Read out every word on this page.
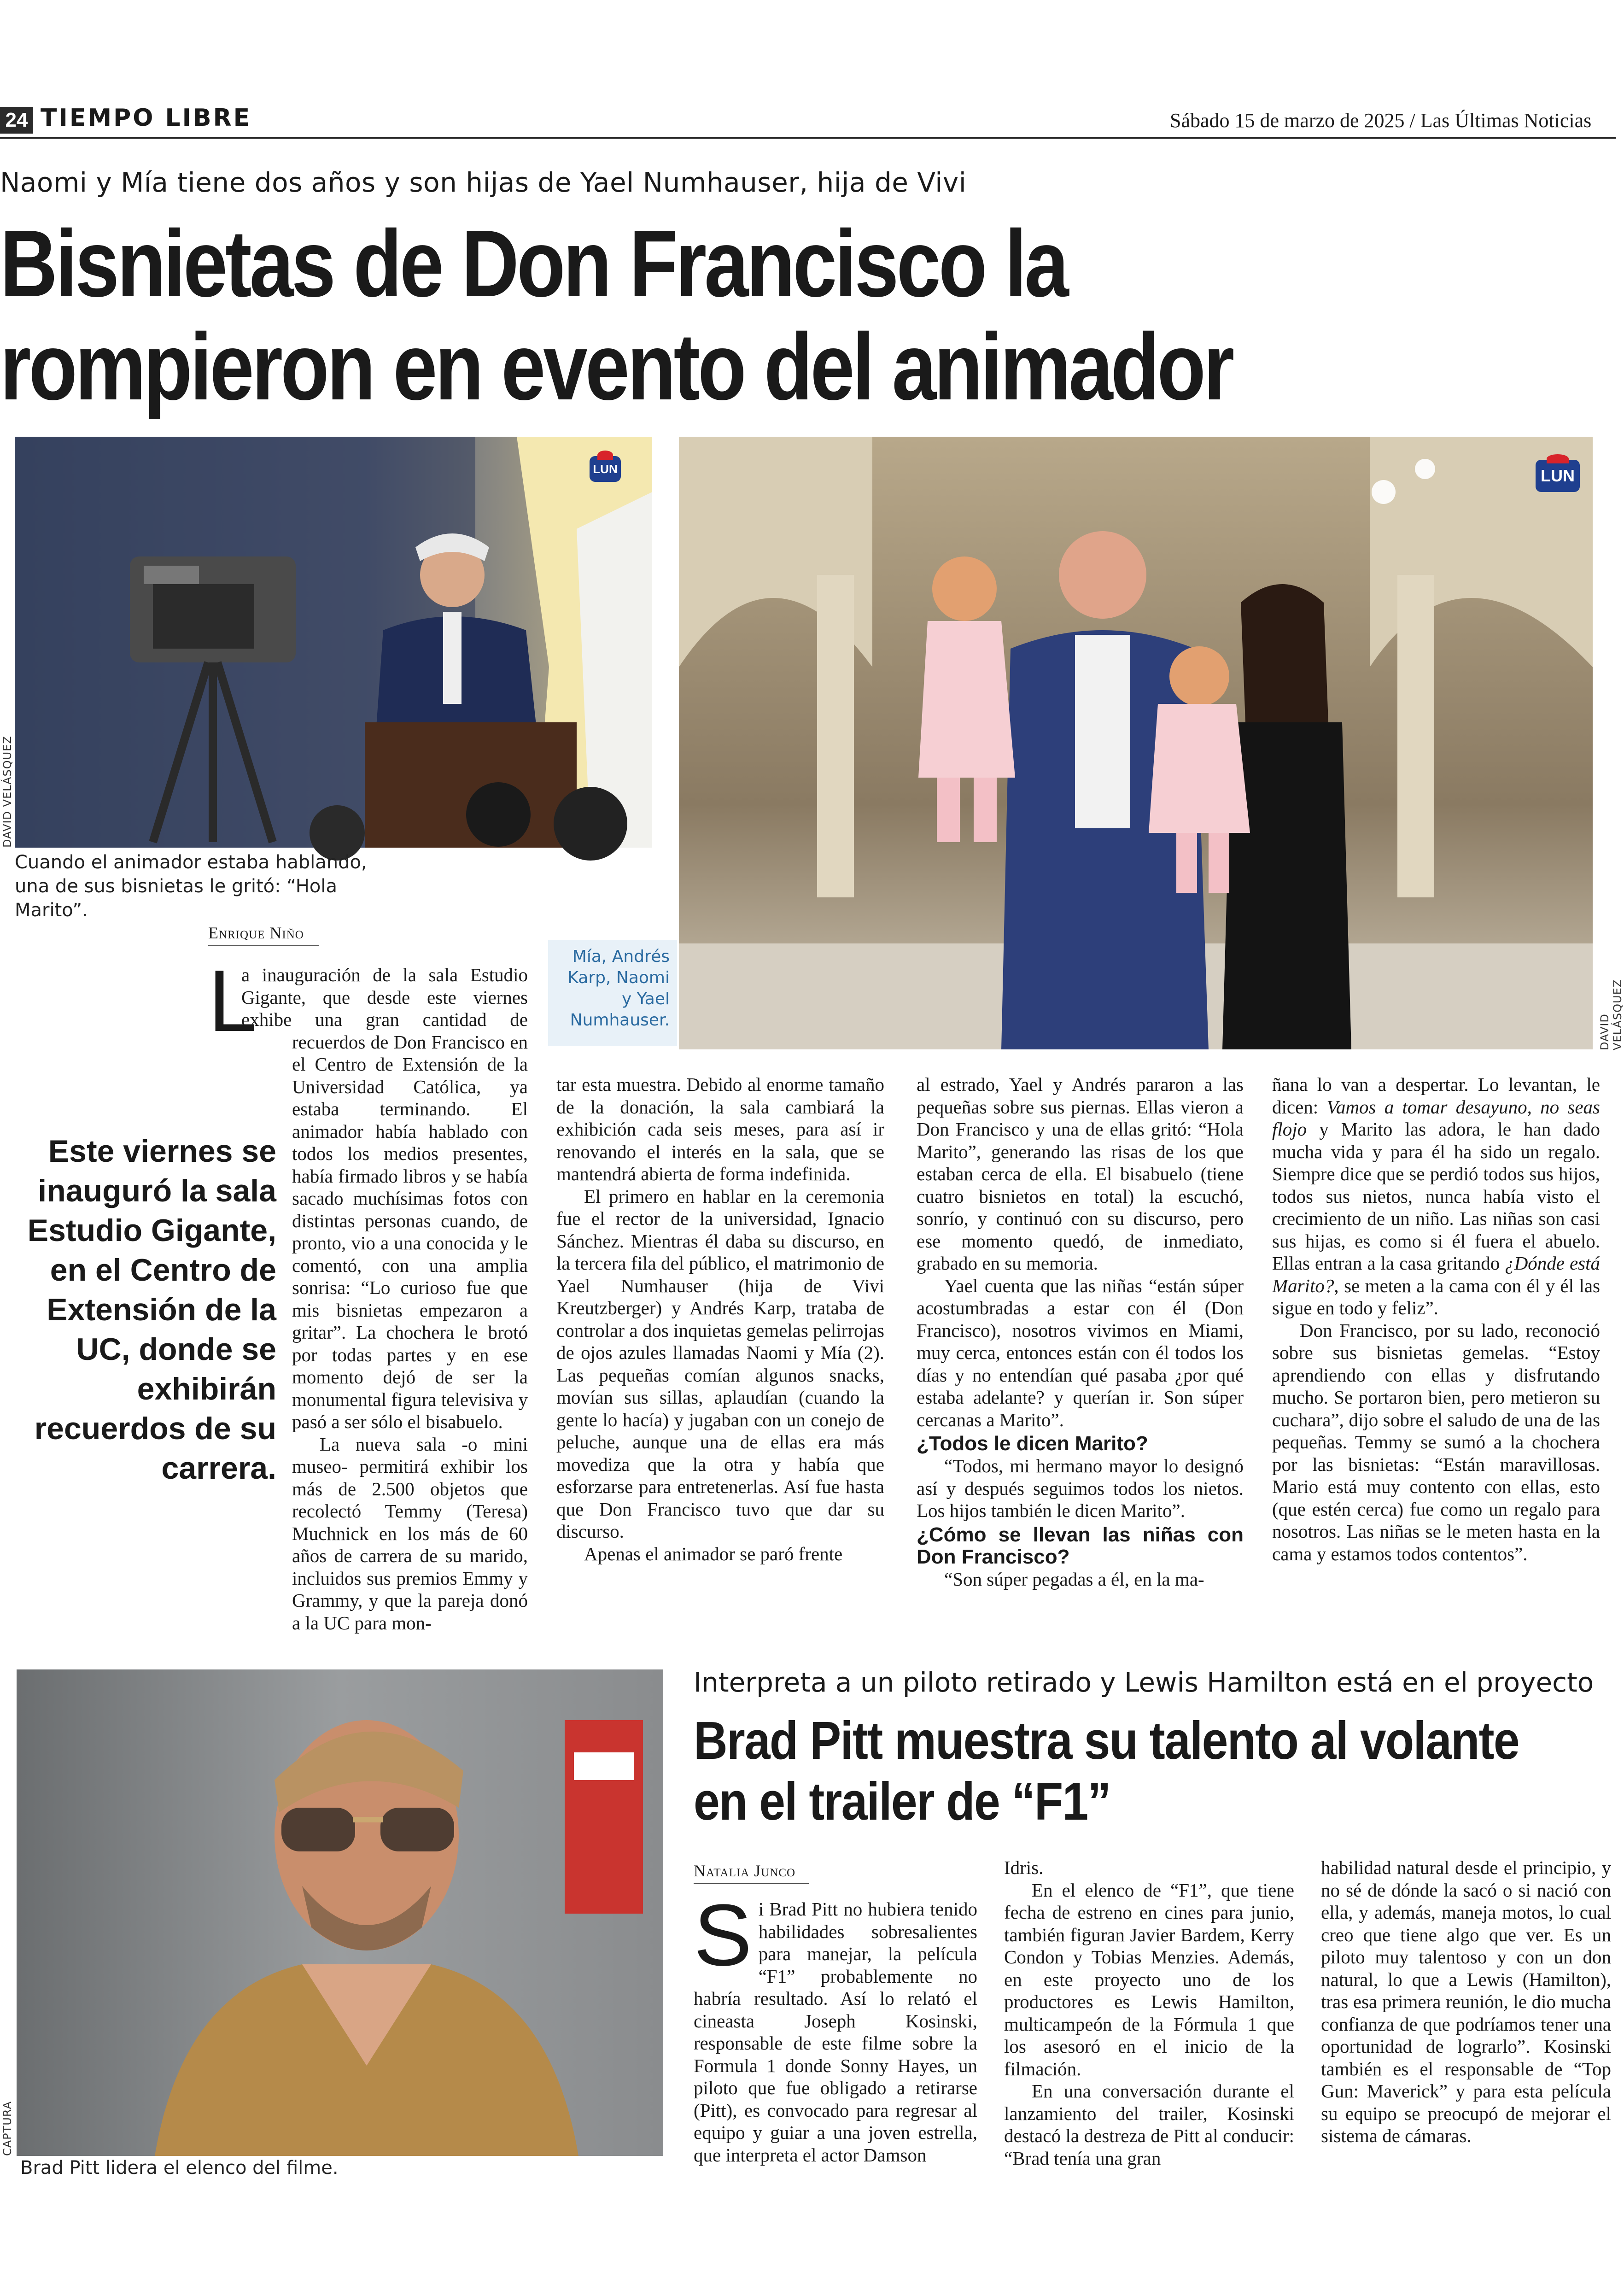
24 TIEMPO LIBRE	Sábado 15 de marzo de 2025 / Las Últimas Noticias
Naomi y Mía tiene dos años y son hijas de Yael Numhauser, hija de Vivi
Bisnietas de Don Francisco la rompieron en evento del animador
LUN
DAVID VELÁSQUEZ
Cuando el animador estaba hablando, una de sus bisnietas le gritó: “Hola Marito”.
LUN
DAVID VELÁSQUEZ
Mía, Andrés Karp, Naomi y Yael Numhauser.
Enrique Niño
Este viernes se inauguró la sala Estudio Gigante, en el Centro de Extensión de la UC, donde se exhibirán recuerdos de su carrera.
L

a inauguración de la sala Estudio Gigante, que desde este viernes exhibe una gran cantidad de recuerdos de Don Francisco en el Centro de Extensión de la Universidad Católica, ya estaba terminando. El animador había hablado con todos los medios presentes, había firmado libros y se había sacado muchísimas fotos con distintas personas cuando, de pronto, vio a una conocida y le comentó, con una amplia sonrisa: “Lo curioso fue que mis bisnietas empezaron a gritar”. La chochera le brotó por todas partes y en ese momento dejó de ser la monumental figura televisiva y pasó a ser sólo el bisabuelo.

La nueva sala -o mini museo- permitirá exhibir los más de 2.500 objetos que recolectó Temmy (Teresa) Muchnick en los más de 60 años de carrera de su marido, incluidos sus premios Emmy y Grammy, y que la pareja donó a la UC para mon-

tar esta muestra. Debido al enorme tamaño de la donación, la sala cambiará la exhibición cada seis meses, para así ir renovando el interés en la sala, que se mantendrá abierta de forma indefinida.

El primero en hablar en la ceremonia fue el rector de la universidad, Ignacio Sánchez. Mientras él daba su discurso, en la tercera fila del público, el matrimonio de Yael Numhauser (hija de Vivi Kreutzberger) y Andrés Karp, trataba de controlar a dos inquietas gemelas pelirrojas de ojos azules llamadas Naomi y Mía (2). Las pequeñas comían algunos snacks, movían sus sillas, aplaudían (cuando la gente lo hacía) y jugaban con un conejo de peluche, aunque una de ellas era más movediza que la otra y había que esforzarse para entretenerlas. Así fue hasta que Don Francisco tuvo que dar su discurso.

Apenas el animador se paró frente

al estrado, Yael y Andrés pararon a las pequeñas sobre sus piernas. Ellas vieron a Don Francisco y una de ellas gritó: “Hola Marito”, generando las risas de los que estaban cerca de ella. El bisabuelo (tiene cuatro bisnietos en total) la escuchó, sonrío, y continuó con su discurso, pero ese momento quedó, de inmediato, grabado en su memoria.

Yael cuenta que las niñas “están súper acostumbradas a estar con él (Don Francisco), nosotros vivimos en Miami, muy cerca, entonces están con él todos los días y no entendían qué pasaba ¿por qué estaba adelante? y querían ir. Son súper cercanas a Marito”.

¿Todos le dicen Marito?

“Todos, mi hermano mayor lo designó así y después seguimos todos los nietos. Los hijos también le dicen Marito”.

¿Cómo se llevan las niñas con Don Francisco?

“Son súper pegadas a él, en la ma-

ñana lo van a despertar. Lo levantan, le dicen: Vamos a tomar desayuno, no seas flojo y Marito las adora, le han dado mucha vida y para él ha sido un regalo. Siempre dice que se perdió todos sus hijos, todos sus nietos, nunca había visto el crecimiento de un niño. Las niñas son casi sus hijas, es como si él fuera el abuelo. Ellas entran a la casa gritando ¿Dónde está Marito?, se meten a la cama con él y él las sigue en todo y feliz”.

Don Francisco, por su lado, reconoció sobre sus bisnietas gemelas. “Estoy aprendiendo con ellas y disfrutando mucho. Se portaron bien, pero metieron su cuchara”, dijo sobre el saludo de una de las pequeñas. Temmy se sumó a la chochera por las bisnietas: “Están maravillosas. Mario está muy contento con ellas, esto (que estén cerca) fue como un regalo para nosotros. Las niñas se le meten hasta en la cama y estamos todos contentos”.

CAPTURA
Brad Pitt lidera el elenco del filme.
Interpreta a un piloto retirado y Lewis Hamilton está en el proyecto
Brad Pitt muestra su talento al volante en el trailer de “F1”
Natalia Junco
S i Brad Pitt no hubiera tenido habilidades sobresalientes para manejar, la película “F1” probablemente no habría resultado. Así lo relató el cineasta Joseph Kosinski, responsable de este filme sobre la Formula 1 donde Sonny Hayes, un piloto que fue obligado a retirarse (Pitt), es convocado para regresar al equipo y guiar a una joven estrella, que interpreta el actor Damson

Idris.

En el elenco de “F1”, que tiene fecha de estreno en cines para junio, también figuran Javier Bardem, Kerry Condon y Tobias Menzies. Además, en este proyecto uno de los productores es Lewis Hamilton, multicampeón de la Fórmula 1 que los asesoró en el inicio de la filmación.

En una conversación durante el lanzamiento del trailer, Kosinski destacó la destreza de Pitt al conducir: “Brad tenía una gran

habilidad natural desde el principio, y no sé de dónde la sacó o si nació con ella, y además, maneja motos, lo cual creo que tiene algo que ver. Es un piloto muy talentoso y con un don natural, lo que a Lewis (Hamilton), tras esa primera reunión, le dio mucha confianza de que podríamos tener una oportunidad de lograrlo”. Kosinski también es el responsable de “Top Gun: Maverick” y para esta película su equipo se preocupó de mejorar el sistema de cámaras.
